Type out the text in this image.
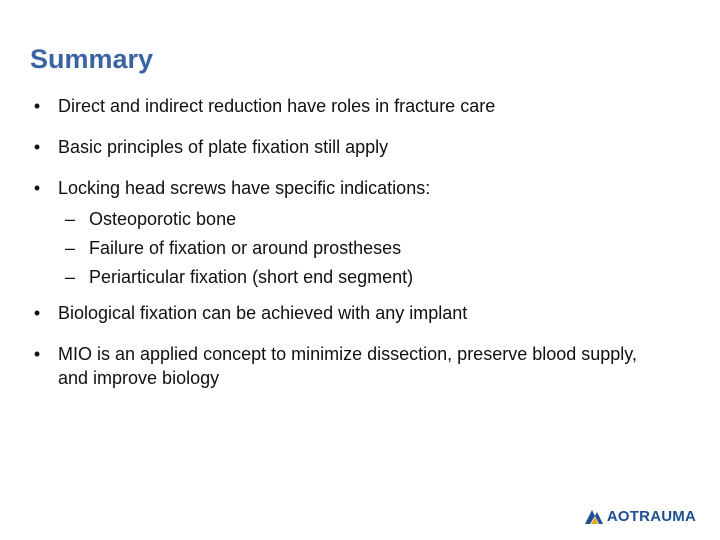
Summary
• Direct and indirect reduction have roles in fracture care
• Basic principles of plate fixation still apply
• Locking head screws have specific indications:
– Osteoporotic bone
– Failure of fixation or around prostheses
– Periarticular fixation (short end segment)
• Biological fixation can be achieved with any implant
• MIO is an applied concept to minimize dissection, preserve blood supply, and improve biology
AOTRAUMA
